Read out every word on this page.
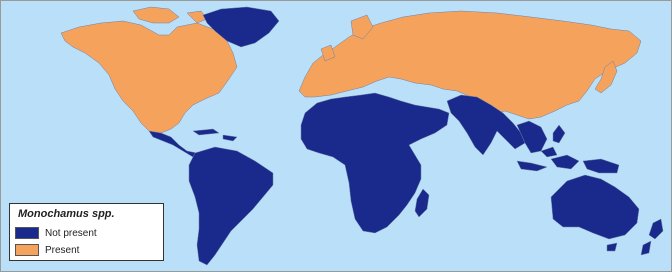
Monochamus spp.
Not present
Present
